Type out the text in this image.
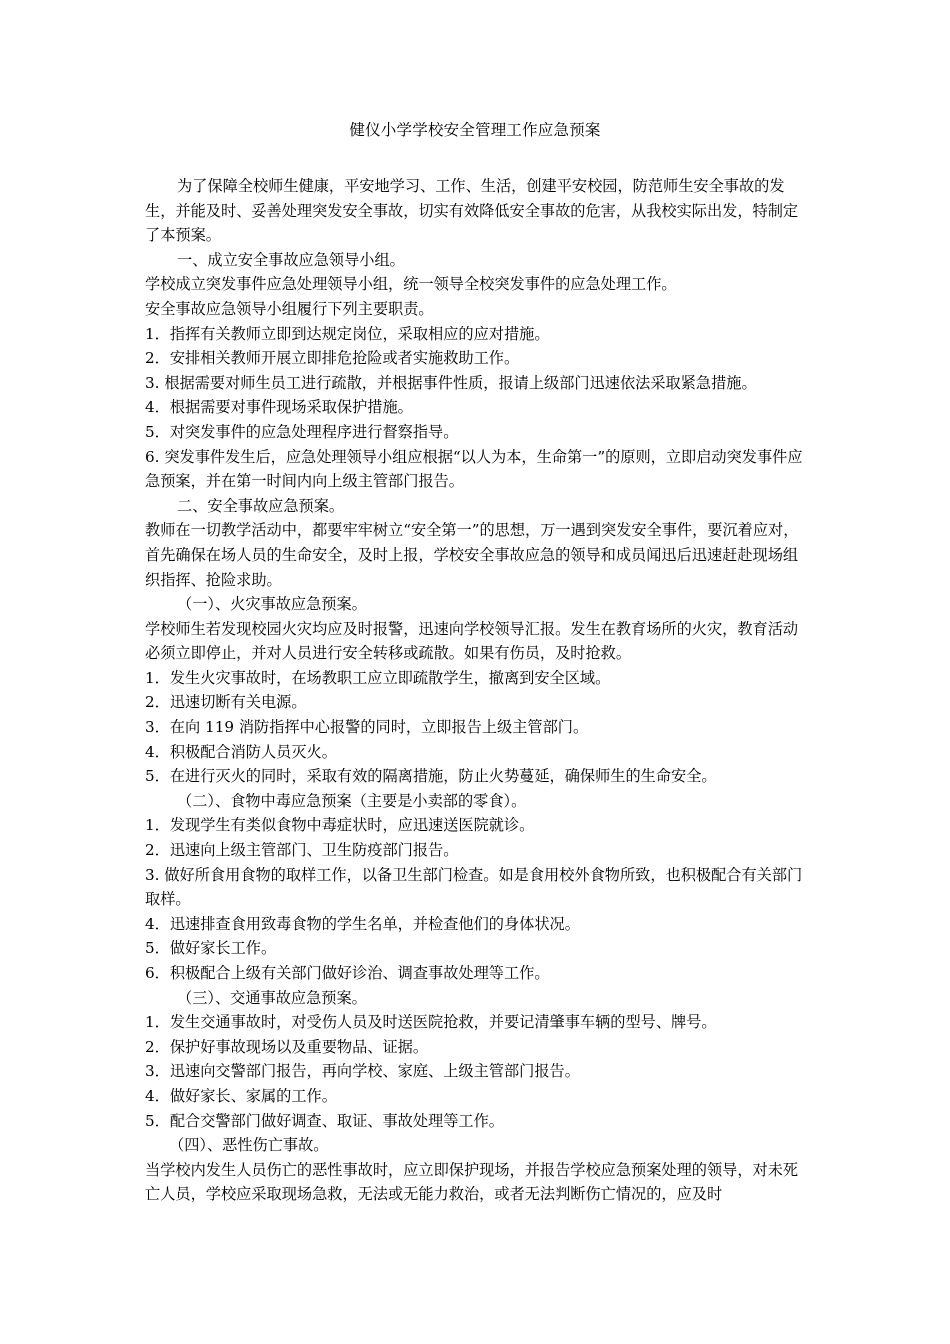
健仪小学学校安全管理工作应急预案

为了保障全校师生健康，平安地学习、工作、生活，创建平安校园，防范师生安全事故的发生，并能及时、妥善处理突发安全事故，切实有效降低安全事故的危害，从我校实际出发，特制定了本预案。

一、成立安全事故应急领导小组。

学校成立突发事件应急处理领导小组，统一领导全校突发事件的应急处理工作。

安全事故应急领导小组履行下列主要职责。

1．指挥有关教师立即到达规定岗位，采取相应的应对措施。

2．安排相关教师开展立即排危抢险或者实施救助工作。

3. 根据需要对师生员工进行疏散，并根据事件性质，报请上级部门迅速依法采取紧急措施。

4．根据需要对事件现场采取保护措施。

5．对突发事件的应急处理程序进行督察指导。

6. 突发事件发生后，应急处理领导小组应根据“以人为本，生命第一”的原则，立即启动突发事件应急预案，并在第一时间内向上级主管部门报告。

二、安全事故应急预案。

教师在一切教学活动中，都要牢牢树立“安全第一”的思想，万一遇到突发安全事件，要沉着应对，首先确保在场人员的生命安全，及时上报，学校安全事故应急的领导和成员闻迅后迅速赶赴现场组织指挥、抢险求助。

（一）、火灾事故应急预案。

学校师生若发现校园火灾均应及时报警，迅速向学校领导汇报。发生在教育场所的火灾，教育活动必须立即停止，并对人员进行安全转移或疏散。如果有伤员，及时抢救。

1．发生火灾事故时，在场教职工应立即疏散学生，撤离到安全区域。

2．迅速切断有关电源。

3．在向 119 消防指挥中心报警的同时，立即报告上级主管部门。

4．积极配合消防人员灭火。

5．在进行灭火的同时，采取有效的隔离措施，防止火势蔓延，确保师生的生命安全。

（二）、食物中毒应急预案（主要是小卖部的零食）。

1．发现学生有类似食物中毒症状时，应迅速送医院就诊。

2．迅速向上级主管部门、卫生防疫部门报告。

3. 做好所食用食物的取样工作，以备卫生部门检查。如是食用校外食物所致，也积极配合有关部门取样。

4．迅速排查食用致毒食物的学生名单，并检查他们的身体状况。

5．做好家长工作。

6．积极配合上级有关部门做好诊治、调查事故处理等工作。

（三）、交通事故应急预案。

1．发生交通事故时，对受伤人员及时送医院抢救，并要记清肇事车辆的型号、牌号。

2．保护好事故现场以及重要物品、证据。

3．迅速向交警部门报告，再向学校、家庭、上级主管部门报告。

4．做好家长、家属的工作。

5．配合交警部门做好调查、取证、事故处理等工作。

（四）、恶性伤亡事故。

当学校内发生人员伤亡的恶性事故时，应立即保护现场，并报告学校应急预案处理的领导，对未死亡人员，学校应采取现场急救，无法或无能力救治，或者无法判断伤亡情况的，应及时
